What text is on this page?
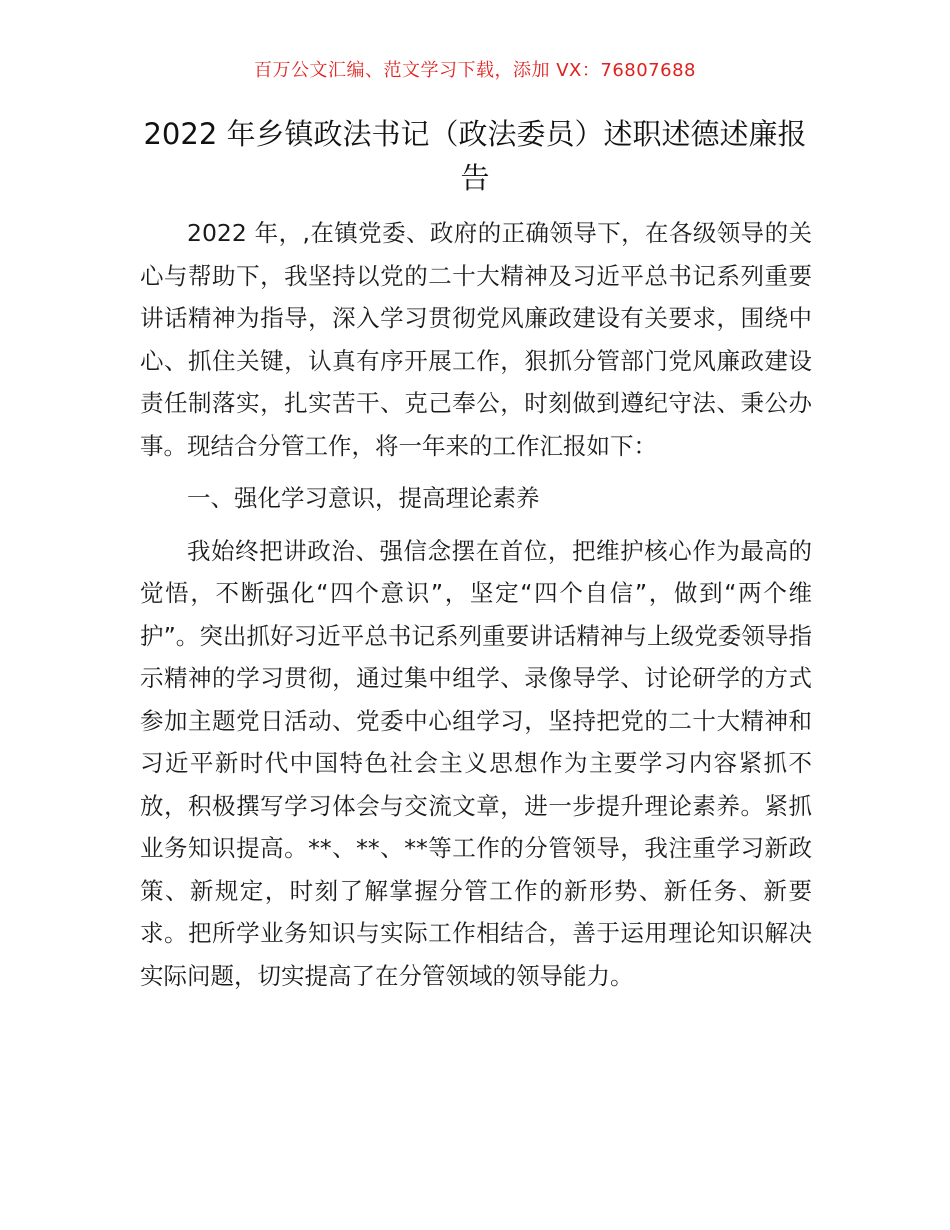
百万公文汇编、范文学习下载，添加 VX：76807688
2022 年乡镇政法书记（政法委员）述职述德述廉报告

2022 年，,在镇党委、政府的正确领导下，在各级领导的关心与帮助下，我坚持以党的二十大精神及习近平总书记系列重要讲话精神为指导，深入学习贯彻党风廉政建设有关要求，围绕中心、抓住关键，认真有序开展工作，狠抓分管部门党风廉政建设责任制落实，扎实苦干、克己奉公，时刻做到遵纪守法、秉公办事。现结合分管工作，将一年来的工作汇报如下：

一、强化学习意识，提高理论素养

我始终把讲政治、强信念摆在首位，把维护核心作为最高的觉悟，不断强化“四个意识”，坚定“四个自信”，做到“两个维护”。突出抓好习近平总书记系列重要讲话精神与上级党委领导指示精神的学习贯彻，通过集中组学、录像导学、讨论研学的方式参加主题党日活动、党委中心组学习，坚持把党的二十大精神和习近平新时代中国特色社会主义思想作为主要学习内容紧抓不放，积极撰写学习体会与交流文章，进一步提升理论素养。紧抓业务知识提高。**、**、**等工作的分管领导，我注重学习新政策、新规定，时刻了解掌握分管工作的新形势、新任务、新要求。把所学业务知识与实际工作相结合，善于运用理论知识解决实际问题，切实提高了在分管领域的领导能力。
